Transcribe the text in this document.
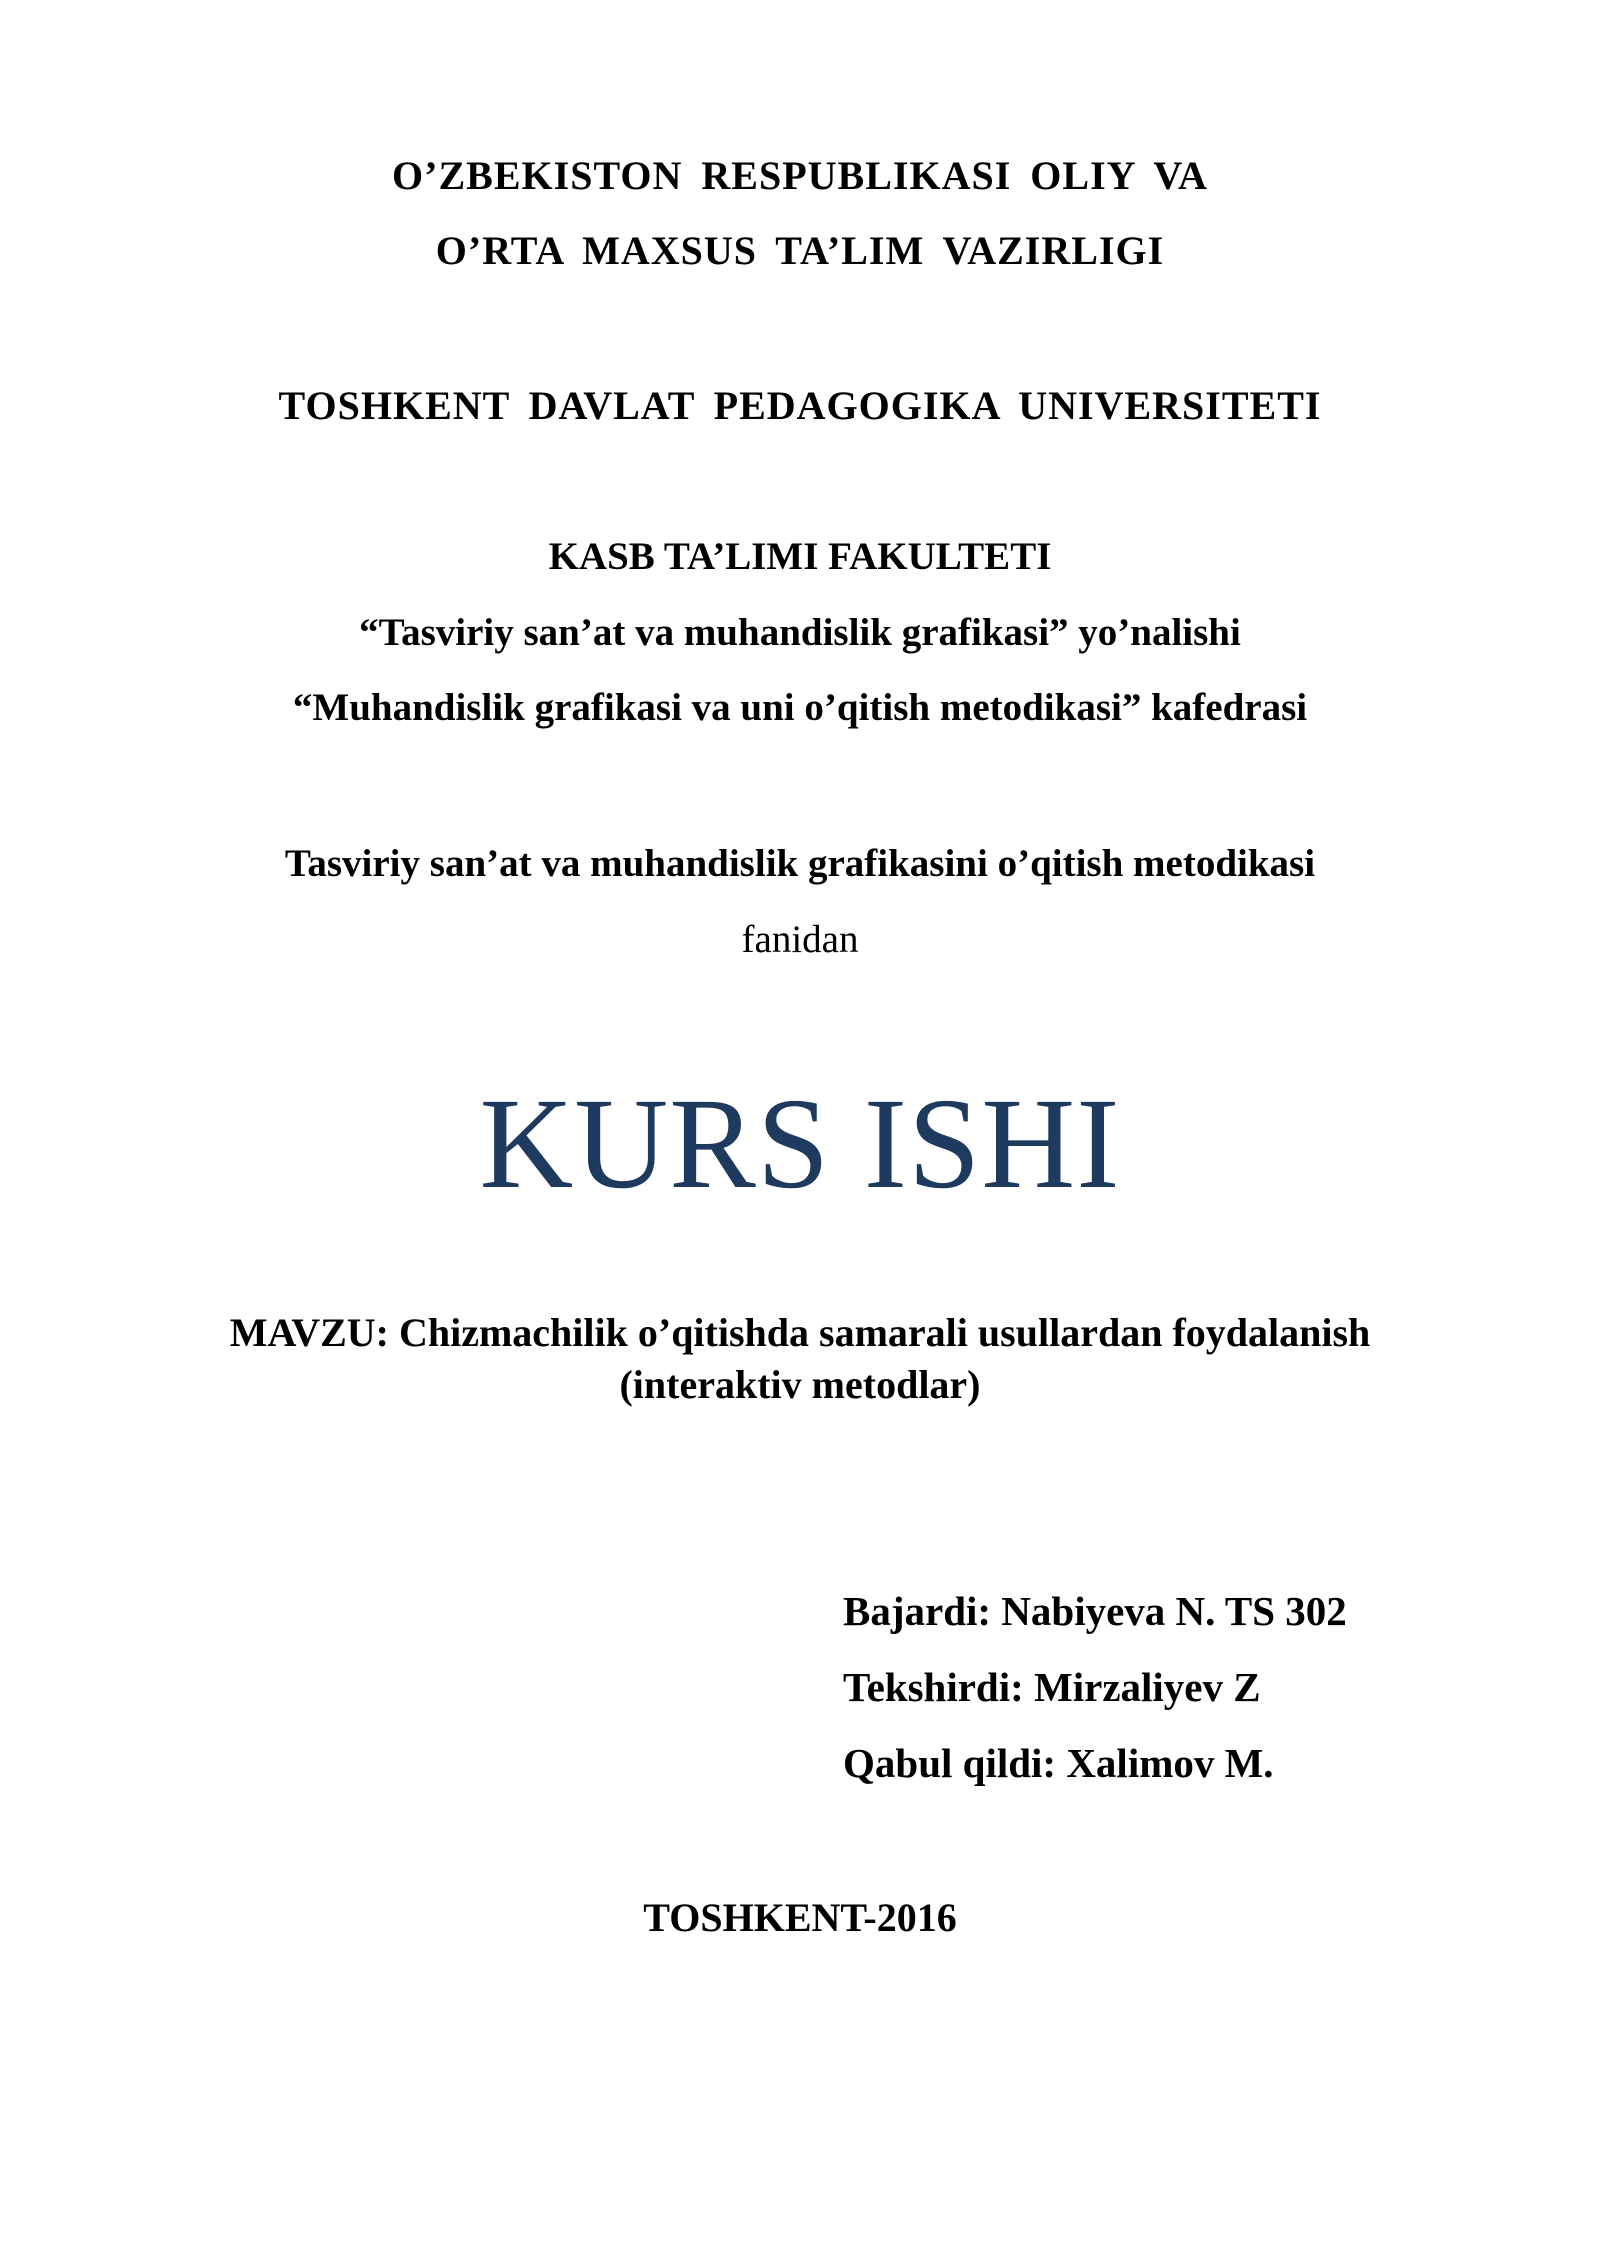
O’ZBEKISTON RESPUBLIKASI OLIY VA
O’RTA MAXSUS TA’LIM VAZIRLIGI
TOSHKENT DAVLAT PEDAGOGIKA UNIVERSITETI
KASB TA’LIMI FAKULTETI
“Tasviriy san’at va muhandislik grafikasi” yo’nalishi
“Muhandislik grafikasi va uni o’qitish metodikasi” kafedrasi
Tasviriy san’at va muhandislik grafikasini o’qitish metodikasi
fanidan
KURS ISHI
MAVZU: Chizmachilik o’qitishda samarali usullardan foydalanish
(interaktiv metodlar)
Bajardi: Nabiyeva N. TS 302
Tekshirdi: Mirzaliyev Z
Qabul qildi: Xalimov M.
TOSHKENT-2016
